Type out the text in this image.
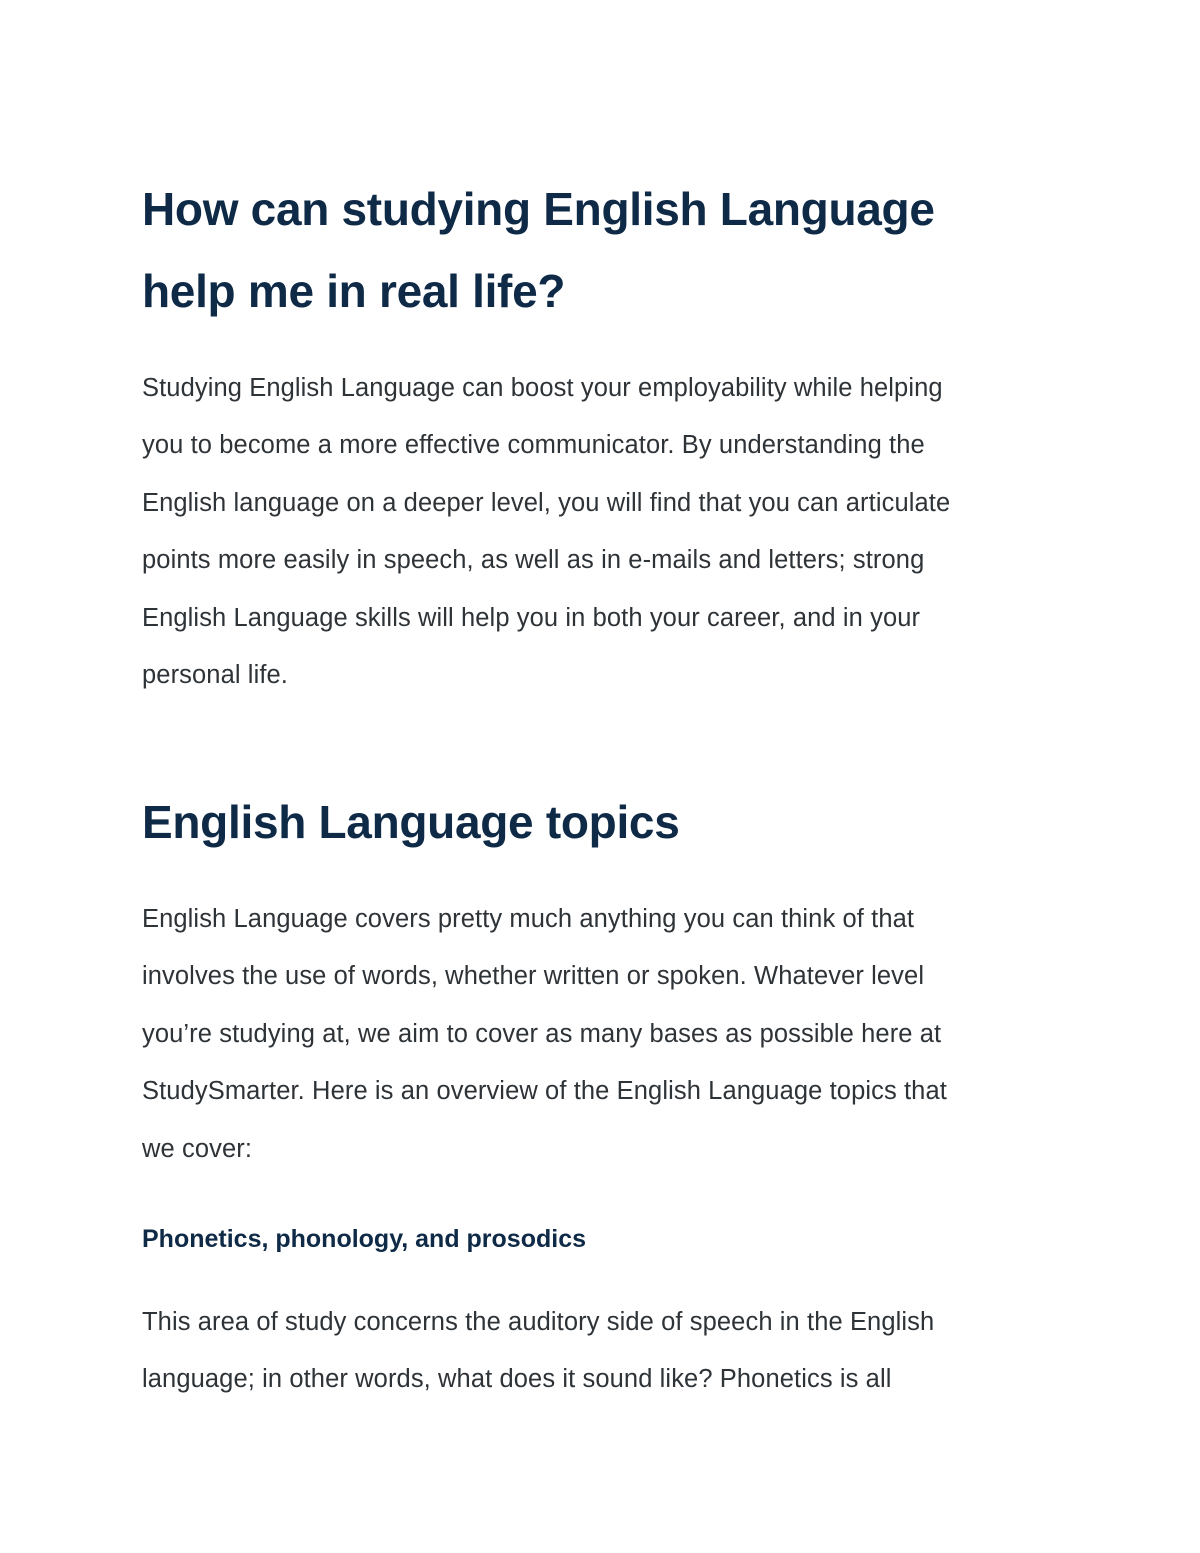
How can studying English Language
help me in real life?

Studying English Language can boost your employability while helping
you to become a more effective communicator. By understanding the
English language on a deeper level, you will find that you can articulate
points more easily in speech, as well as in e-mails and letters; strong
English Language skills will help you in both your career, and in your
personal life.

English Language topics

English Language covers pretty much anything you can think of that
involves the use of words, whether written or spoken. Whatever level
you’re studying at, we aim to cover as many bases as possible here at
StudySmarter. Here is an overview of the English Language topics that
we cover:

Phonetics, phonology, and prosodics

This area of study concerns the auditory side of speech in the English
language; in other words, what does it sound like? Phonetics is all
